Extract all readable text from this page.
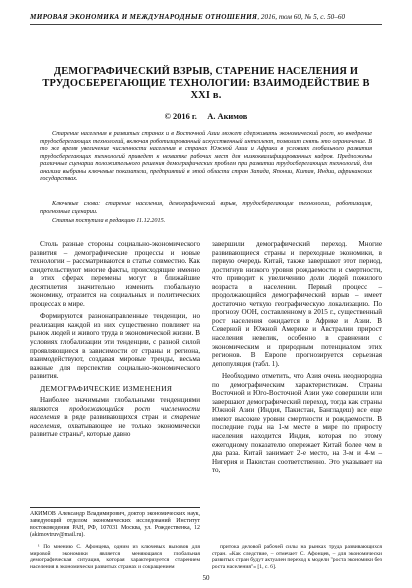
МИРОВАЯ ЭКОНОМИКА И МЕЖДУНАРОДНЫЕ ОТНОШЕНИЯ, 2016, том 60, № 5, с. 50–60
ДЕМОГРАФИЧЕСКИЙ ВЗРЫВ, СТАРЕНИЕ НАСЕЛЕНИЯ И ТРУДОСБЕРЕГАЮЩИЕ ТЕХНОЛОГИИ: ВЗАИМОДЕЙСТВИЕ В XXI в.
© 2016 г. А. Акимов
Старение населения в развитых странах и в Восточной Азии может сдерживать экономический рост, но внедрение трудосберегающих технологий, включая роботизированный искусственный интеллект, позволит снять это ограничение. В то же время увеличение численности населения в странах Южной Азии и Африки в условиях глобального развития трудосберегающих технологий приведет к нехватке рабочих мест для низкоквалифицированных кадров. Предложены различные сценарии положительного решения демографических проблем при развитии трудосберегающих технологий, для анализа выбраны ключевые показатели, предприятий в этой области стран Запада, Японии, Китая, Индии, африканских государствах.
Ключевые слова: старение населения, демографический взрыв, трудосберегающие технологии, роботизация, прогнозные сценарии.
Статья поступила в редакцию 11.12.2015.

Столь разные стороны социально-экономического развития – демографические процессы и новые технологии – рассматриваются в статье совместно. Как свидетельствуют многие факты, происходящие именно в этих сферах перемены могут в ближайшие десятилетия значительно изменить глобальную экономику, отразится на социальных и политических процессах в мире.

Формируются разнонаправленные тенденции, но реализация каждой из них существенно повлияет на рынок людей и живого труда в экономической жизни. В условиях глобализации эти тенденции, с разной силой проявляющиеся в зависимости от страны и региона, взаимодействуют, создавая мировые тренды, весьма важные для перспектив социально-экономического развития.

ДЕМОГРАФИЧЕСКИЕ ИЗМЕНЕНИЯ

Наиболее значимыми глобальными тенденциями являются продолжающийся рост численности населения в ряде развивающихся стран и старение населения, охватывающее не только экономически развитые страны¹, которые давно

завершили демографический переход. Многие развивающиеся страны и переходные экономики, в первую очередь Китай, также завершают этот период, достигнув низкого уровня рождаемости и смертности, что приводит к увеличению доли людей пожилого возраста в населении. Первый процесс – продолжающийся демографический взрыв – имеет достаточно четкую географическую локализацию. По прогнозу ООН, составленному в 2015 г., существенный рост населения ожидается в Африке и Азии. В Северной и Южной Америке и Австралии прирост населения невелик, особенно в сравнении с экономическим и природным потенциалом этих регионов. В Европе прогнозируется серьезная депопуляция (табл. 1).

Необходимо отметить, что Азия очень неоднородна по демографическим характеристикам. Страны Восточной и Юго-Восточной Азии уже совершили или завершают демографический переход, тогда как страны Южной Азии (Индия, Пакистан, Бангладеш) все еще имеют высокие уровни смертности и рождаемости. В последние годы на 1-м месте в мире по приросту населения находится Индия, которая по этому ежегодному показателю опережает Китай более чем в два раза. Китай занимает 2-е место, на 3-м и 4-м – Нигерия и Пакистан соответственно. Это указывает на то,

АКИМОВ Александр Владимирович, доктор экономических наук, заведующий отделом экономических исследований Институт востоковедения РАН, РФ, 107031 Москва, ул. Рождественка, 12 (akimovtruv@mail.ru).
¹ По мнению С. Афонцева, одним из ключевых вызовов для мировой экономики является меняющаяся глобальная демографическая ситуация, которая характеризуется старением населения в экономически развитых странах и сокращением
притока деловой рабочей силы на рынках труда развивающихся стран. «Как следствие, – отмечает С. Афонцев, – для экономически развитых стран будут актуален переход к модели "роста экономики без роста населения"» [1, с. 6].
50
